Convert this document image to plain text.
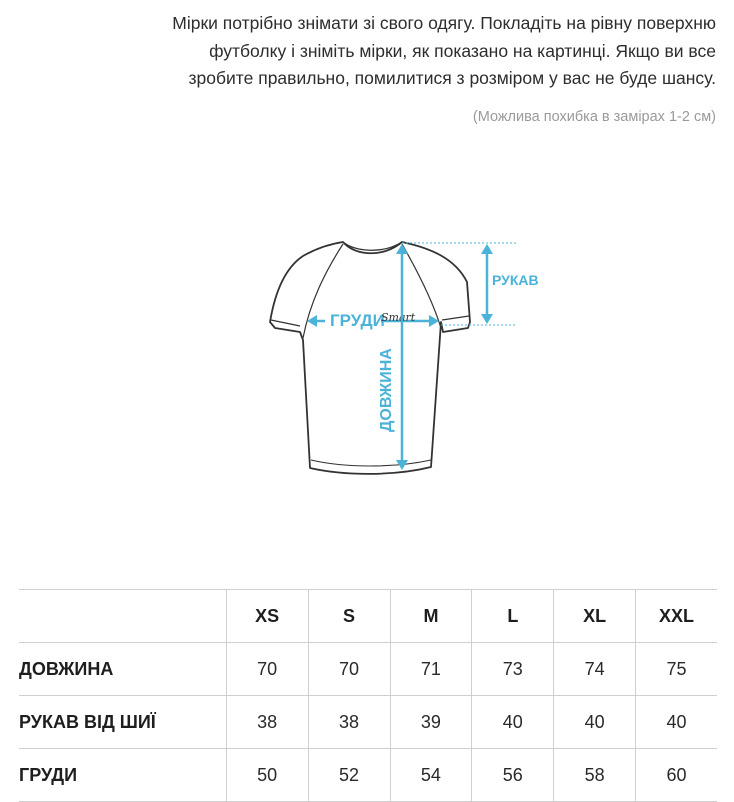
Мірки потрібно знімати зі свого одягу. Покладіть на рівну поверхню
футболку і зніміть мірки, як показано на картинці. Якщо ви все
зробите правильно, помилитися з розміром у вас не буде шансу.
(Можлива похибка в замірах 1-2 см)
ГРУДИ
Smart
РУКАВ
ДОВЖИНА
	XS	S	M	L	XL	XXL
ДОВЖИНА	70	70	71	73	74	75
РУКАВ ВІД ШИЇ	38	38	39	40	40	40
ГРУДИ	50	52	54	56	58	60
